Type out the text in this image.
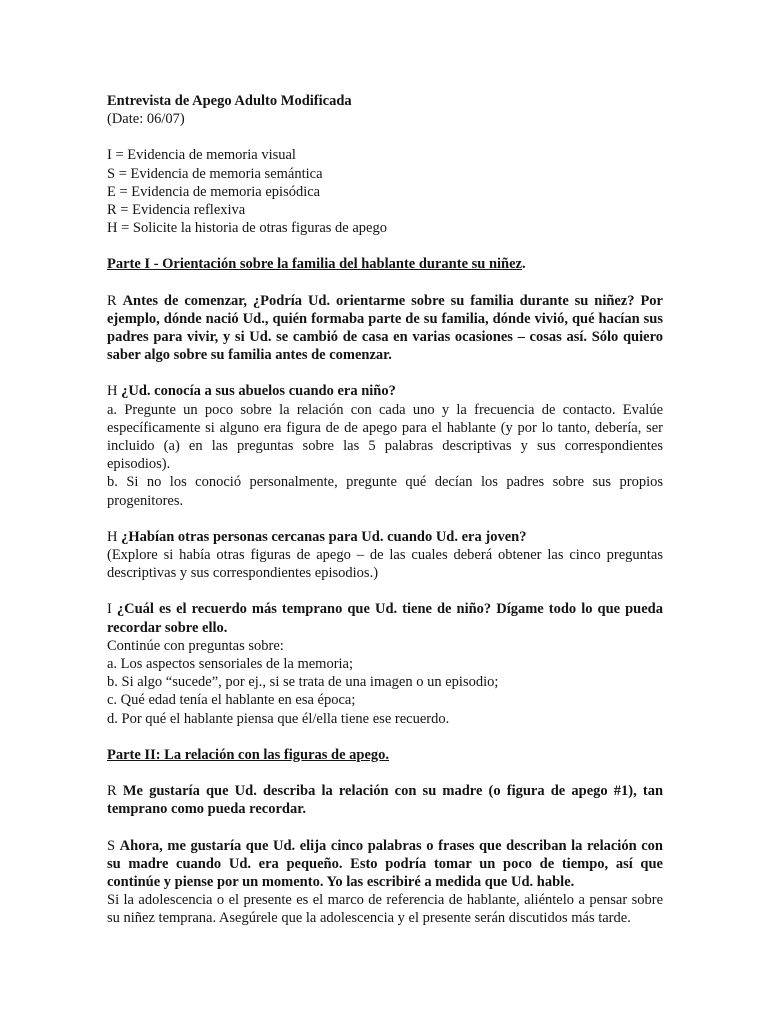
Entrevista de Apego Adulto Modificada

(Date: 06/07)

I = Evidencia de memoria visual

S = Evidencia de memoria semántica

E = Evidencia de memoria episódica

R = Evidencia reflexiva

H = Solicite la historia de otras figuras de apego

Parte I - Orientación sobre la familia del hablante durante su niñez.

R Antes de comenzar, ¿Podría Ud. orientarme sobre su familia durante su niñez? Por ejemplo, dónde nació Ud., quién formaba parte de su familia, dónde vivió, qué hacían sus padres para vivir, y si Ud. se cambió de casa en varias ocasiones – cosas así. Sólo quiero saber algo sobre su familia antes de comenzar.

H ¿Ud. conocía a sus abuelos cuando era niño?

a. Pregunte un poco sobre la relación con cada uno y la frecuencia de contacto. Evalúe específicamente si alguno era figura de de apego para el hablante (y por lo tanto, debería, ser incluido (a) en las preguntas sobre las 5 palabras descriptivas y sus correspondientes episodios).

b. Si no los conoció personalmente, pregunte qué decían los padres sobre sus propios progenitores.

H ¿Habían otras personas cercanas para Ud. cuando Ud. era joven?

(Explore si había otras figuras de apego – de las cuales deberá obtener las cinco preguntas descriptivas y sus correspondientes episodios.)

I ¿Cuál es el recuerdo más temprano que Ud. tiene de niño? Dígame todo lo que pueda recordar sobre ello.

Continúe con preguntas sobre:

a. Los aspectos sensoriales de la memoria;

b. Si algo “sucede”, por ej., si se trata de una imagen o un episodio;

c. Qué edad tenía el hablante en esa época;

d. Por qué el hablante piensa que él/ella tiene ese recuerdo.

Parte II: La relación con las figuras de apego.

R Me gustaría que Ud. describa la relación con su madre (o figura de apego #1), tan temprano como pueda recordar.

S Ahora, me gustaría que Ud. elija cinco palabras o frases que describan la relación con su madre cuando Ud. era pequeño. Esto podría tomar un poco de tiempo, así que continúe y piense por un momento. Yo las escribiré a medida que Ud. hable.

Si la adolescencia o el presente es el marco de referencia de hablante, aliéntelo a pensar sobre su niñez temprana. Asegúrele que la adolescencia y el presente serán discutidos más tarde.
